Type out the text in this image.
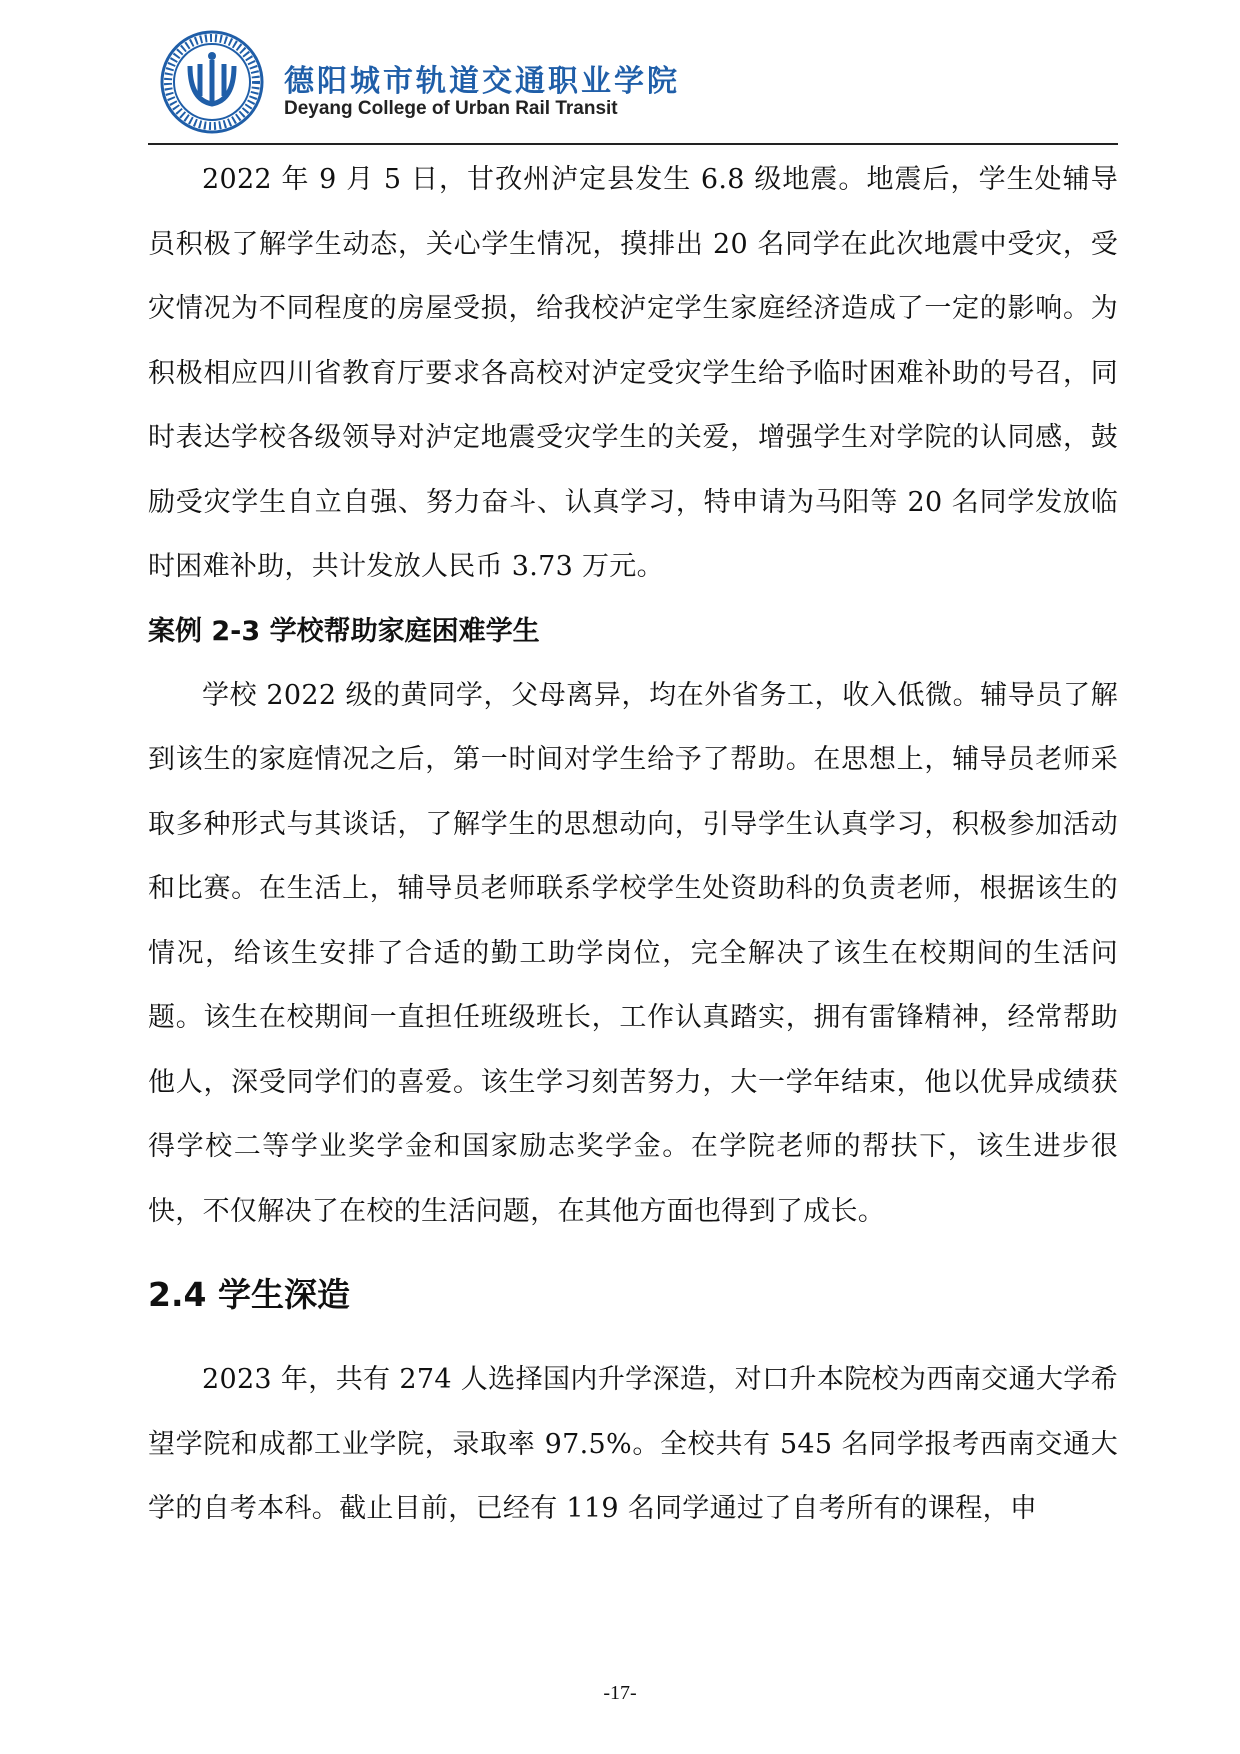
德阳城市轨道交通职业学院
Deyang College of Urban Rail Transit

2022 年 9 月 5 日，甘孜州泸定县发生 6.8 级地震。地震后，学生处辅导员积极了解学生动态，关心学生情况，摸排出 20 名同学在此次地震中受灾，受灾情况为不同程度的房屋受损，给我校泸定学生家庭经济造成了一定的影响。为积极相应四川省教育厅要求各高校对泸定受灾学生给予临时困难补助的号召，同时表达学校各级领导对泸定地震受灾学生的关爱，增强学生对学院的认同感，鼓励受灾学生自立自强、努力奋斗、认真学习，特申请为马阳等 20 名同学发放临时困难补助，共计发放人民币 3.73 万元。

案例 2-3 学校帮助家庭困难学生

学校 2022 级的黄同学，父母离异，均在外省务工，收入低微。辅导员了解到该生的家庭情况之后，第一时间对学生给予了帮助。在思想上，辅导员老师采取多种形式与其谈话，了解学生的思想动向，引导学生认真学习，积极参加活动和比赛。在生活上，辅导员老师联系学校学生处资助科的负责老师，根据该生的情况，给该生安排了合适的勤工助学岗位，完全解决了该生在校期间的生活问题。该生在校期间一直担任班级班长，工作认真踏实，拥有雷锋精神，经常帮助他人，深受同学们的喜爱。该生学习刻苦努力，大一学年结束，他以优异成绩获得学校二等学业奖学金和国家励志奖学金。在学院老师的帮扶下，该生进步很快，不仅解决了在校的生活问题，在其他方面也得到了成长。

2.4 学生深造

2023 年，共有 274 人选择国内升学深造，对口升本院校为西南交通大学希望学院和成都工业学院，录取率 97.5%。全校共有 545 名同学报考西南交通大学的自考本科。截止目前，已经有 119 名同学通过了自考所有的课程，申

-17-
